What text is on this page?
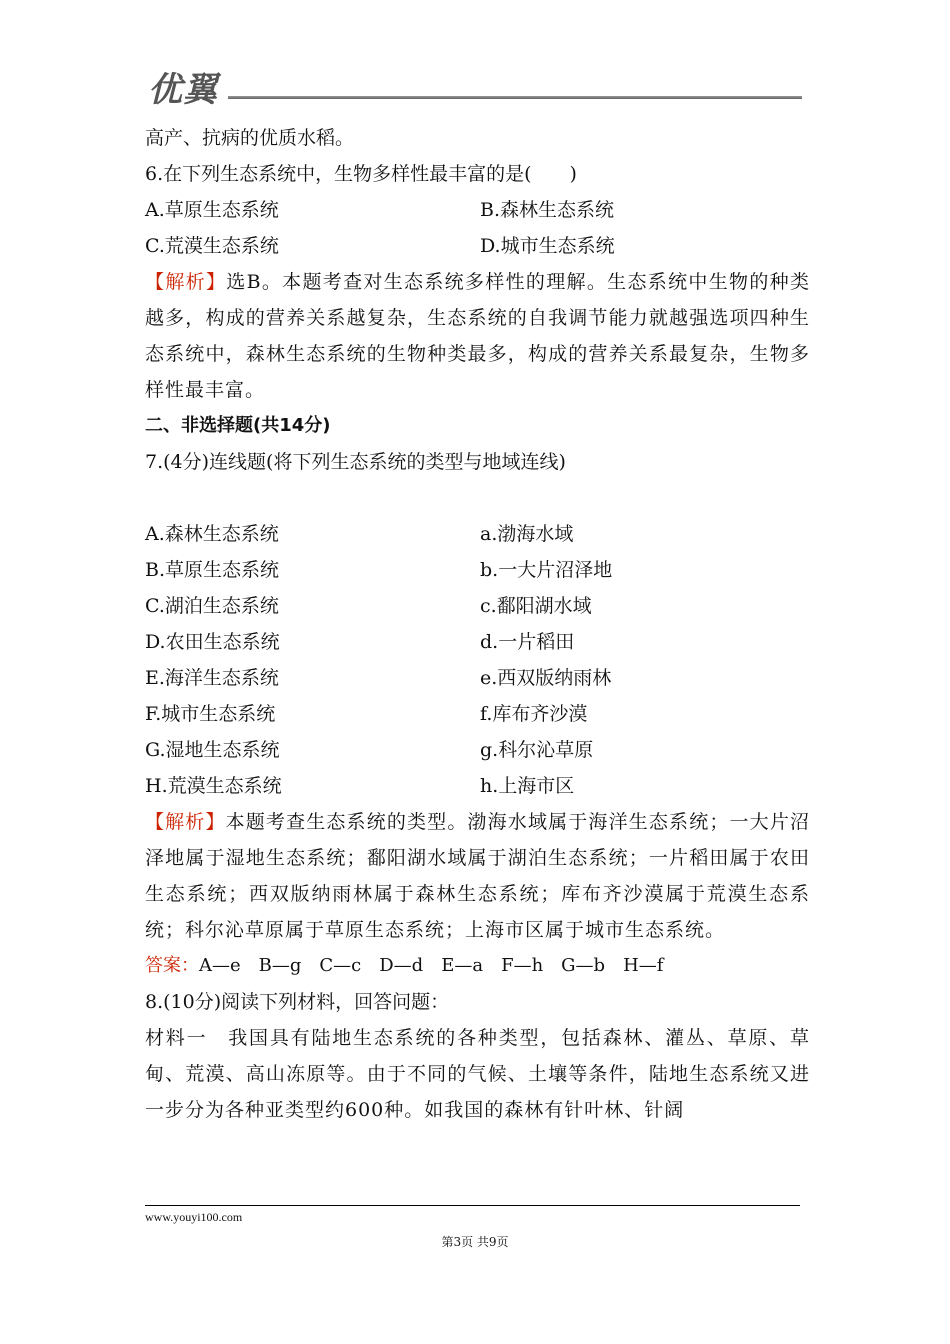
优翼
高产、抗病的优质水稻。
6.在下列生态系统中，生物多样性最丰富的是(　　)
A.草原生态系统	B.森林生态系统
C.荒漠生态系统	D.城市生态系统
【解析】选B。本题考查对生态系统多样性的理解。生态系统中生物的种类越多，构成的营养关系越复杂，生态系统的自我调节能力就越强选项四种生态系统中，森林生态系统的生物种类最多，构成的营养关系最复杂，生物多样性最丰富。
二、非选择题(共14分)
7.(4分)连线题(将下列生态系统的类型与地域连线)
A.森林生态系统	a.渤海水域
B.草原生态系统	b.一大片沼泽地
C.湖泊生态系统	c.鄱阳湖水域
D.农田生态系统	d.一片稻田
E.海洋生态系统	e.西双版纳雨林
F.城市生态系统	f.库布齐沙漠
G.湿地生态系统	g.科尔沁草原
H.荒漠生态系统	h.上海市区
【解析】本题考查生态系统的类型。渤海水域属于海洋生态系统；一大片沼泽地属于湿地生态系统；鄱阳湖水域属于湖泊生态系统；一片稻田属于农田生态系统；西双版纳雨林属于森林生态系统；库布齐沙漠属于荒漠生态系统；科尔沁草原属于草原生态系统；上海市区属于城市生态系统。
答案：A—e　B—g　C—c　D—d　E—a　F—h　G—b　H—f
8.(10分)阅读下列材料，回答问题：
材料一　我国具有陆地生态系统的各种类型，包括森林、灌丛、草原、草甸、荒漠、高山冻原等。由于不同的气候、土壤等条件，陆地生态系统又进一步分为各种亚类型约600种。如我国的森林有针叶林、针阔
www.youyi100.com
第3页 共9页
